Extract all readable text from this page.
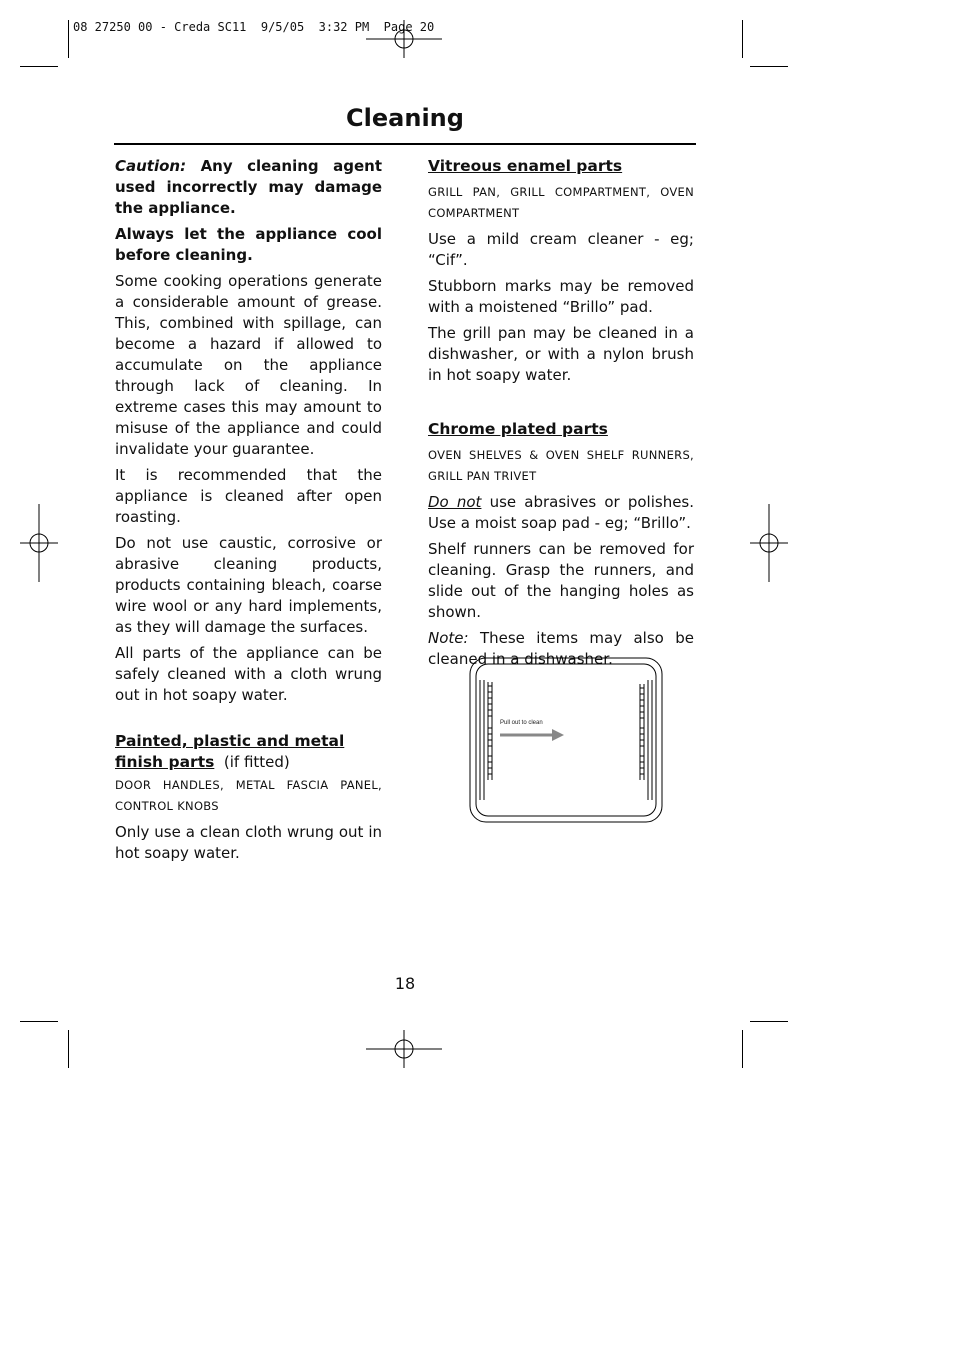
08 27250 00 - Creda SC11  9/5/05  3:32 PM  Page 20
Cleaning

Caution: Any cleaning agent used incorrectly may damage the appliance.

Always let the appliance cool before cleaning.

Some cooking operations generate a considerable amount of grease. This, combined with spillage, can become a hazard if allowed to accumulate on the appliance through lack of cleaning. In extreme cases this may amount to misuse of the appliance and could invalidate your guarantee.

It is recommended that the appliance is cleaned after open roasting.

Do not use caustic, corrosive or abrasive cleaning products, products containing bleach, coarse wire wool or any hard implements, as they will damage the surfaces.

All parts of the appliance can be safely cleaned with a cloth wrung out in hot soapy water.

Painted, plastic and metal finish parts (if fitted)

DOOR HANDLES, METAL FASCIA PANEL, CONTROL KNOBS

Only use a clean cloth wrung out in hot soapy water.

Vitreous enamel parts

GRILL PAN, GRILL COMPARTMENT, OVEN COMPARTMENT

Use a mild cream cleaner - eg; “Cif”.

Stubborn marks may be removed with a moistened “Brillo” pad.

The grill pan may be cleaned in a dishwasher, or with a nylon brush in hot soapy water.

Chrome plated parts

OVEN SHELVES & OVEN SHELF RUNNERS, GRILL PAN TRIVET

Do not use abrasives or polishes. Use a moist soap pad - eg; “Brillo”.

Shelf runners can be removed for cleaning. Grasp the runners, and slide out of the hanging holes as shown.

Note: These items may also be cleaned in a dishwasher.

Pull out to clean
18
